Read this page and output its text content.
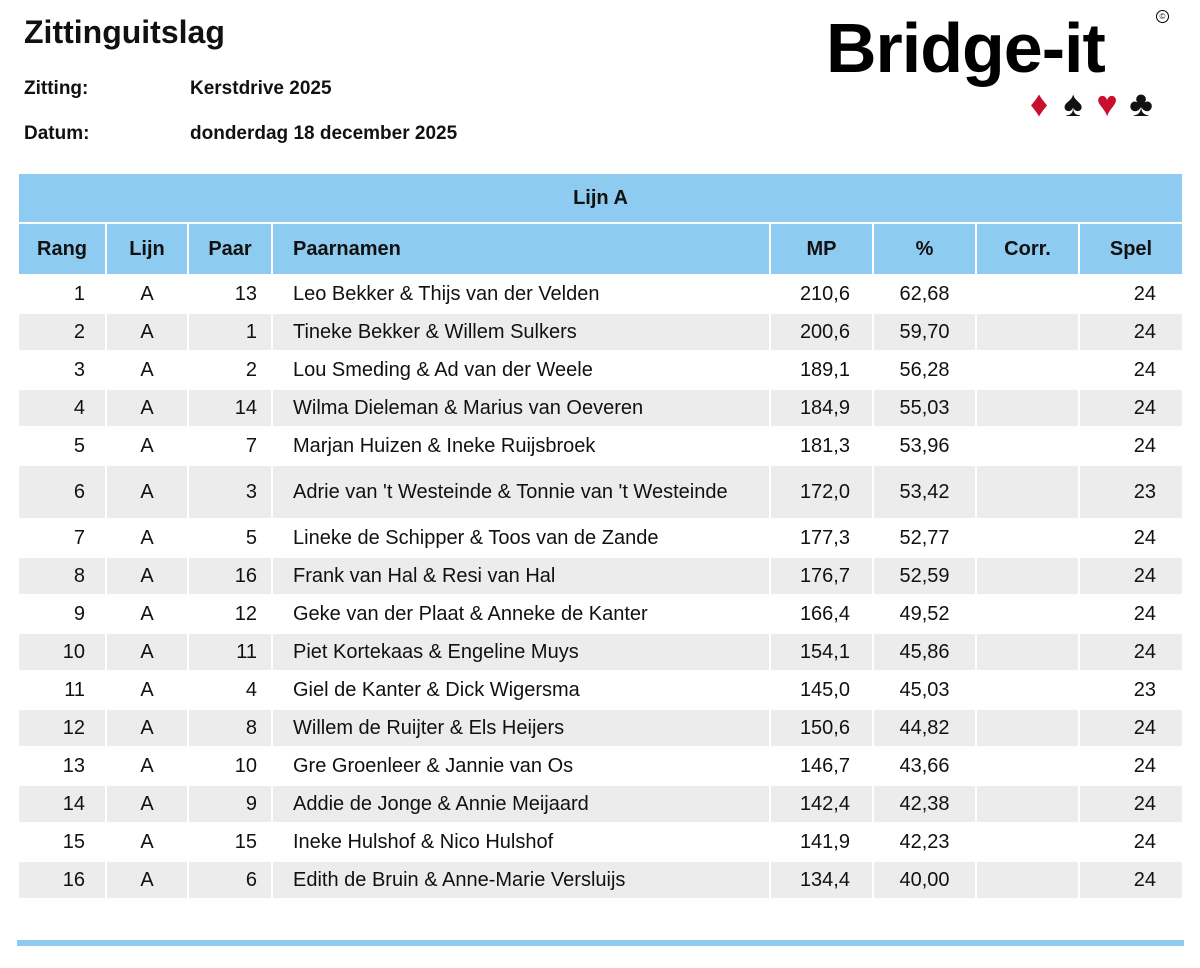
Zittinguitslag
Zitting:	Kerstdrive 2025
Datum:	donderdag 18 december 2025
Bridge-it	©
♦ ♠ ♥ ♣
Lijn A							
Rang	Lijn	Paar	Paarnamen	MP	%	Corr.	Spel
1	A	13	Leo Bekker & Thijs van der Velden	210,6	62,68		24
2	A	1	Tineke Bekker & Willem Sulkers	200,6	59,70		24
3	A	2	Lou Smeding & Ad van der Weele	189,1	56,28		24
4	A	14	Wilma Dieleman & Marius van Oeveren	184,9	55,03		24
5	A	7	Marjan Huizen & Ineke Ruijsbroek	181,3	53,96		24
6	A	3	Adrie van 't Westeinde & Tonnie van 't Westeinde	172,0	53,42		23
7	A	5	Lineke de Schipper & Toos van de Zande	177,3	52,77		24
8	A	16	Frank van Hal & Resi van Hal	176,7	52,59		24
9	A	12	Geke van der Plaat & Anneke de Kanter	166,4	49,52		24
10	A	11	Piet Kortekaas & Engeline Muys	154,1	45,86		24
11	A	4	Giel de Kanter & Dick Wigersma	145,0	45,03		23
12	A	8	Willem de Ruijter & Els Heijers	150,6	44,82		24
13	A	10	Gre Groenleer & Jannie van Os	146,7	43,66		24
14	A	9	Addie de Jonge & Annie Meijaard	142,4	42,38		24
15	A	15	Ineke Hulshof & Nico Hulshof	141,9	42,23		24
16	A	6	Edith de Bruin & Anne-Marie Versluijs	134,4	40,00		24
